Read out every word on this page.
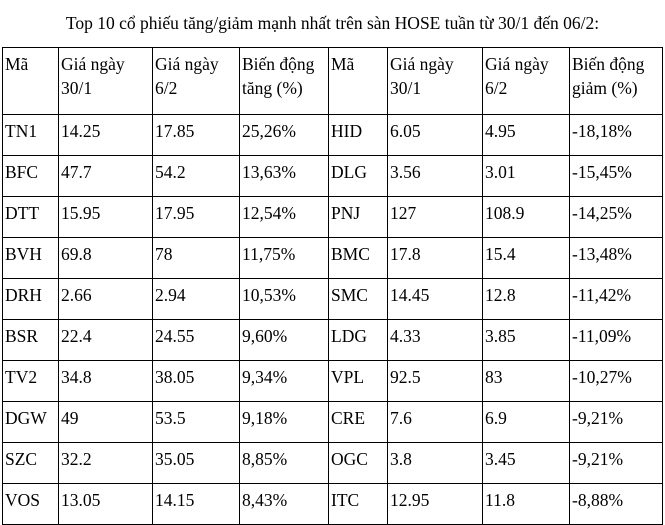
Top 10 cổ phiếu tăng/giảm mạnh nhất trên sàn HOSE tuần từ 30/1 đến 06/2:
Mã	Giá ngày 30/1	Giá ngày 6/2	Biến động tăng (%)	Mã	Giá ngày 30/1	Giá ngày 6/2	Biến động giảm (%)
TN1	14.25	17.85	25,26%	HID	6.05	4.95	-18,18%
BFC	47.7	54.2	13,63%	DLG	3.56	3.01	-15,45%
DTT	15.95	17.95	12,54%	PNJ	127	108.9	-14,25%
BVH	69.8	78	11,75%	BMC	17.8	15.4	-13,48%
DRH	2.66	2.94	10,53%	SMC	14.45	12.8	-11,42%
BSR	22.4	24.55	9,60%	LDG	4.33	3.85	-11,09%
TV2	34.8	38.05	9,34%	VPL	92.5	83	-10,27%
DGW	49	53.5	9,18%	CRE	7.6	6.9	-9,21%
SZC	32.2	35.05	8,85%	OGC	3.8	3.45	-9,21%
VOS	13.05	14.15	8,43%	ITC	12.95	11.8	-8,88%
